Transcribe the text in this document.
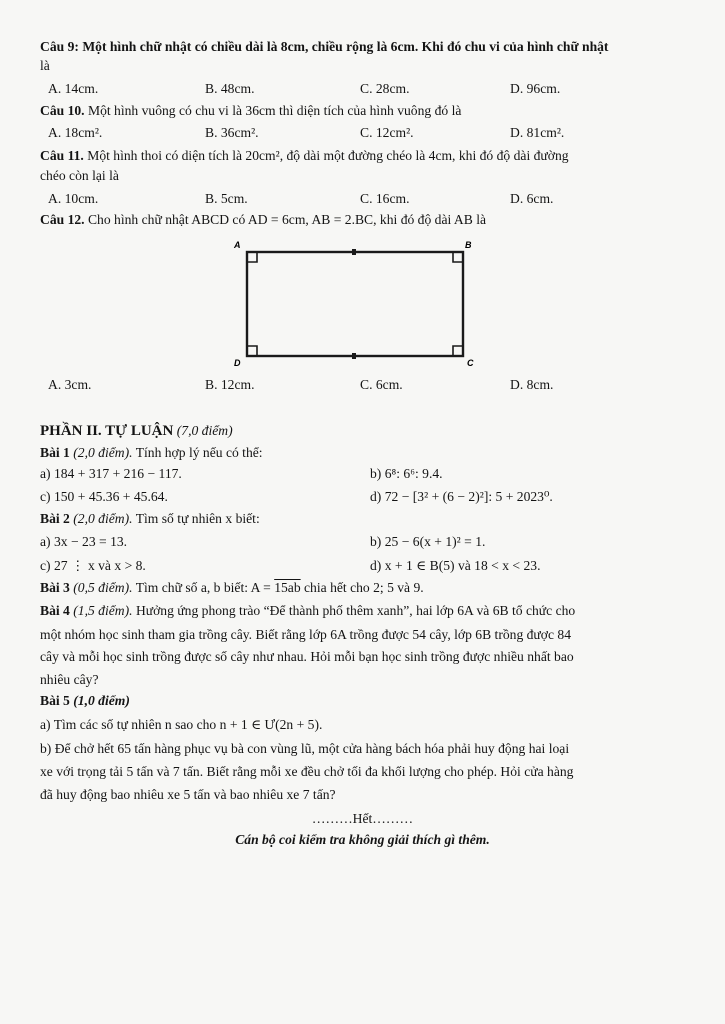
Câu 9: Một hình chữ nhật có chiều dài là 8cm, chiều rộng là 6cm. Khi đó chu vi của hình chữ nhật
là
A. 14cm.	B. 48cm.	C. 28cm.	D. 96cm.
Câu 10. Một hình vuông có chu vi là 36cm thì diện tích của hình vuông đó là
A. 18cm².	B. 36cm².	C. 12cm².	D. 81cm².
Câu 11. Một hình thoi có diện tích là 20cm², độ dài một đường chéo là 4cm, khi đó độ dài đường
chéo còn lại là
A. 10cm.	B. 5cm.	C. 16cm.	D. 6cm.
Câu 12. Cho hình chữ nhật ABCD có AD = 6cm, AB = 2.BC, khi đó độ dài AB là
A	B
D	C
A. 3cm.	B. 12cm.	C. 6cm.	D. 8cm.
PHẦN II. TỰ LUẬN (7,0 điểm)
Bài 1 (2,0 điểm). Tính hợp lý nếu có thể:
a) 184 + 317 + 216 − 117.	b) 6⁸: 6⁶: 9.4.
c) 150 + 45.36 + 45.64.	d) 72 − [3² + (6 − 2)²]: 5 + 2023⁰.
Bài 2 (2,0 điểm). Tìm số tự nhiên x biết:
a) 3x − 23 = 13.	b) 25 − 6(x + 1)² = 1.
c) 27 ⋮ x và x > 8.	d) x + 1 ∈ B(5) và 18 < x < 23.
Bài 3 (0,5 điểm). Tìm chữ số a, b biết: A = 15ab chia hết cho 2; 5 và 9.
Bài 4 (1,5 điểm). Hưởng ứng phong trào “Để thành phố thêm xanh”, hai lớp 6A và 6B tổ chức cho
một nhóm học sinh tham gia trồng cây. Biết rằng lớp 6A trồng được 54 cây, lớp 6B trồng được 84
cây và mỗi học sinh trồng được số cây như nhau. Hỏi mỗi bạn học sinh trồng được nhiều nhất bao
nhiêu cây?
Bài 5 (1,0 điểm)
a) Tìm các số tự nhiên n sao cho n + 1 ∈ Ư(2n + 5).
b) Để chở hết 65 tấn hàng phục vụ bà con vùng lũ, một cửa hàng bách hóa phải huy động hai loại
xe với trọng tải 5 tấn và 7 tấn. Biết rằng mỗi xe đều chở tối đa khối lượng cho phép. Hỏi cửa hàng
đã huy động bao nhiêu xe 5 tấn và bao nhiêu xe 7 tấn?
………Hết………
Cán bộ coi kiểm tra không giải thích gì thêm.
